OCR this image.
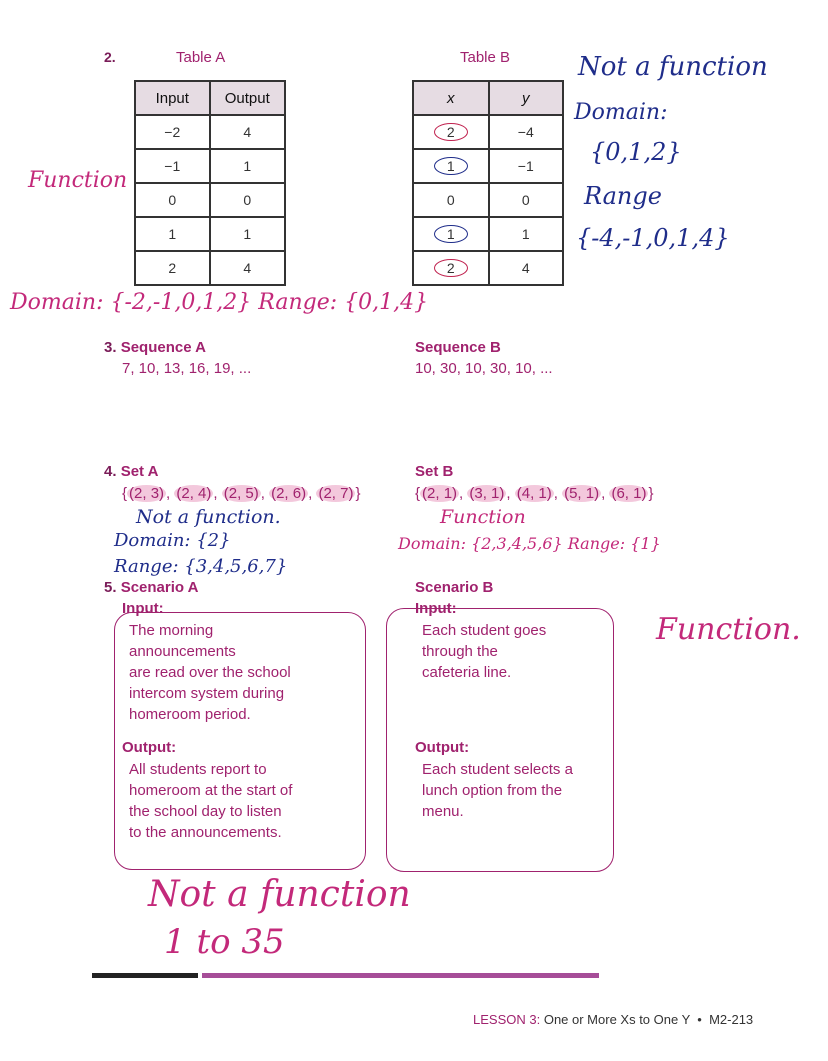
2.	Table A	Table B
Input	Output
−2	4
−1	1
0	0
1	1
2	4
x	y
2	−4
1	−1
0	0
1	1
2	4
Function
Domain: {-2,-1,0,1,2} Range: {0,1,4}
Not a function
Domain:
{0,1,2}
Range
{-4,-1,0,1,4}
3. Sequence A
7, 10, 13, 16, 19, ...
Sequence B
10, 30, 10, 30, 10, ...
4. Set A
{ (2, 3) , (2, 4) , (2, 5) , (2, 6) , (2, 7) }
Set B
{ (2, 1) , (3, 1) , (4, 1) , (5, 1) , (6, 1) }
Not a function.
Domain: {2}
Range: {3,4,5,6,7}
Function
Domain: {2,3,4,5,6} Range: {1}
5. Scenario A	Scenario B
Input:
The morning
announcements
are read over the school
intercom system during
homeroom period.
Output:
All students report to
homeroom at the start of
the school day to listen
to the announcements.
Input:
Each student goes
through the
cafeteria line.
Output:
Each student selects a
lunch option from the
menu.
Function.
Not a function
1 to 35
LESSON 3: One or More Xs to One Y • M2-213
